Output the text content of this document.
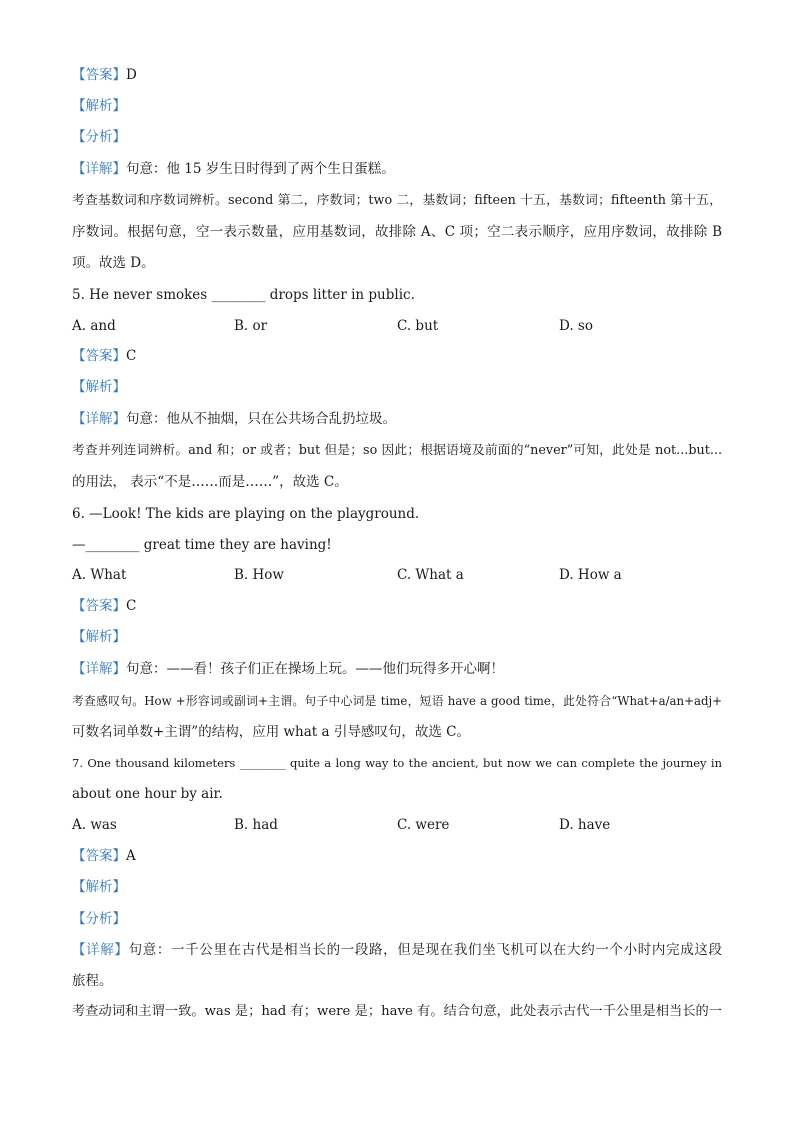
【答案】D
【解析】
【分析】
【详解】句意：他 15 岁生日时得到了两个生日蛋糕。
考查基数词和序数词辨析。second 第二，序数词；two 二，基数词；fifteen 十五，基数词；fifteenth 第十五，
序数词。根据句意，空一表示数量，应用基数词，故排除 A、C 项；空二表示顺序，应用序数词，故排除 B
项。故选 D。
5. He never smokes ________ drops litter in public.
A. and	B. or	C. but	D. so
【答案】C
【解析】
【详解】句意：他从不抽烟，只在公共场合乱扔垃圾。
考查并列连词辨析。and 和；or 或者；but 但是；so 因此；根据语境及前面的“never”可知，此处是 not...but...
的用法， 表示“不是……而是……”，故选 C。
6. —Look! The kids are playing on the playground.
—________ great time they are having!
A. What	B. How	C. What a	D. How a
【答案】C
【解析】
【详解】句意：——看！孩子们正在操场上玩。——他们玩得多开心啊！
考查感叹句。How +形容词或副词+主谓。句子中心词是 time，短语 have a good time，此处符合“What+a/an+adj+
可数名词单数+主谓”的结构，应用 what a 引导感叹句，故选 C。
7. One thousand kilometers ________ quite a long way to the ancient, but now we can complete the journey in
about one hour by air.
A. was	B. had	C. were	D. have
【答案】A
【解析】
【分析】
【详解】句意：一千公里在古代是相当长的一段路，但是现在我们坐飞机可以在大约一个小时内完成这段
旅程。
考查动词和主谓一致。was 是；had 有；were 是；have 有。结合句意，此处表示古代一千公里是相当长的一
